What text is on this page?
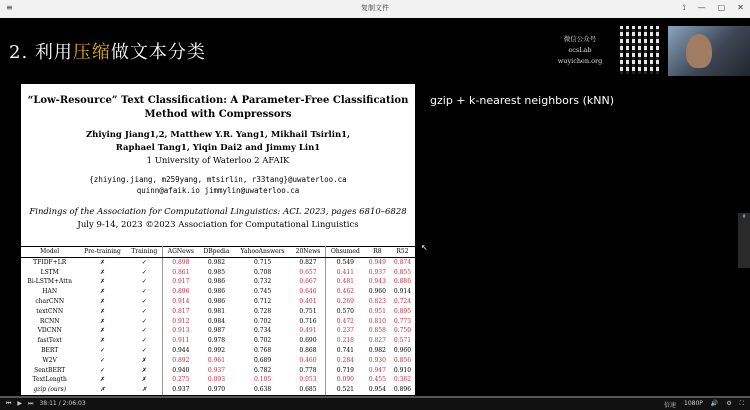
≡	复制文件	⟟ — ▢ ✕
2. 利用压缩做文本分类
微信公众号
ecsLab
wuyichen.org
“Low-Resource” Text Classification: A Parameter-Free Classification
Method with Compressors
Zhiying Jiang1,2, Matthew Y.R. Yang1, Mikhail Tsirlin1,
Raphael Tang1, Yiqin Dai2 and Jimmy Lin1
1 University of Waterloo 2 AFAIK
{zhiying.jiang, m259yang, mtsirlin, r33tang}@uwaterloo.ca
quinn@afaik.io jimmylin@uwaterloo.ca
Findings of the Association for Computational Linguistics: ACL 2023, pages 6810–6828
July 9-14, 2023 ©2023 Association for Computational Linguistics
gzip + k-nearest neighbors (kNN)
Model	Pre-training	Training	AGNews	DBpedia	YahooAnswers	20News	Ohsumed	R8	R52
TFIDF+LR	✗	✓	0.898	0.982	0.715	0.827	0.549	0.949	0.874
LSTM	✗	✓	0.861	0.985	0.708	0.657	0.411	0.937	0.855
Bi-LSTM+Attn	✗	✓	0.917	0.986	0.732	0.667	0.481	0.943	0.886
HAN	✗	✓	0.896	0.986	0.745	0.646	0.462	0.960	0.914
charCNN	✗	✓	0.914	0.986	0.712	0.401	0.269	0.823	0.724
textCNN	✗	✓	0.817	0.981	0.728	0.751	0.570	0.951	0.895
RCNN	✗	✓	0.912	0.984	0.702	0.716	0.472	0.810	0.773
VDCNN	✗	✓	0.913	0.987	0.734	0.491	0.237	0.858	0.750
fastText	✗	✓	0.911	0.978	0.702	0.690	0.218	0.827	0.571
BERT	✓	✓	0.944	0.992	0.768	0.868	0.741	0.982	0.960
W2V	✓	✗	0.892	0.961	0.689	0.460	0.284	0.930	0.856
SentBERT	✓	✗	0.940	0.937	0.782	0.778	0.719	0.947	0.910
TextLength	✗	✗	0.275	0.093	0.105	0.053	0.090	0.455	0.362
gzip (ours)	✗	✗	0.937	0.970	0.638	0.685	0.521	0.954	0.896
↖
▮
⏮ ▶ ⏭ 38:11 / 2:06:03	倍速 1080P 🔊 ⚙ ⛶
